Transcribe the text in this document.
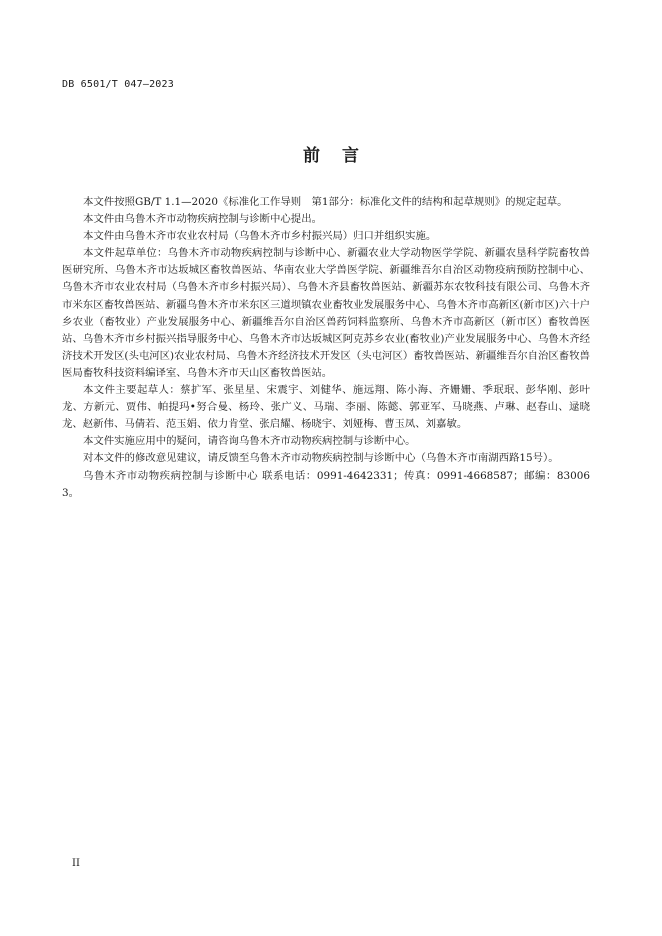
DB 6501/T 047—2023
前言

本文件按照GB/T 1.1—2020《标准化工作导则　第1部分：标准化文件的结构和起草规则》的规定起草。

本文件由乌鲁木齐市动物疾病控制与诊断中心提出。

本文件由乌鲁木齐市农业农村局（乌鲁木齐市乡村振兴局）归口并组织实施。

本文件起草单位：乌鲁木齐市动物疾病控制与诊断中心、新疆农业大学动物医学学院、新疆农垦科学院畜牧兽医研究所、乌鲁木齐市达坂城区畜牧兽医站、华南农业大学兽医学院、新疆维吾尔自治区动物疫病预防控制中心、乌鲁木齐市农业农村局（乌鲁木齐市乡村振兴局）、乌鲁木齐县畜牧兽医站、新疆苏东农牧科技有限公司、乌鲁木齐市米东区畜牧兽医站、新疆乌鲁木齐市米东区三道坝镇农业畜牧业发展服务中心、乌鲁木齐市高新区(新市区)六十户乡农业（畜牧业）产业发展服务中心、新疆维吾尔自治区兽药饲料监察所、乌鲁木齐市高新区（新市区）畜牧兽医站、乌鲁木齐市乡村振兴指导服务中心、乌鲁木齐市达坂城区阿克苏乡农业(畜牧业)产业发展服务中心、乌鲁木齐经济技术开发区(头屯河区)农业农村局、乌鲁木齐经济技术开发区（头屯河区）畜牧兽医站、新疆维吾尔自治区畜牧兽医局畜牧科技资料编译室、乌鲁木齐市天山区畜牧兽医站。

本文件主要起草人：蔡扩军、张星星、宋震宇、刘健华、施远翔、陈小海、齐姗姗、季珉珉、彭华刚、彭叶龙、方新元、贾伟、帕提玛•努合曼、杨玲、张广义、马瑞、李丽、陈懿、郭亚军、马晓燕、卢琳、赵春山、逯晓龙、赵新伟、马倩若、范玉娟、依力肯堂、张启耀、杨晓宇、刘娅梅、曹玉凤、刘嘉敏。

本文件实施应用中的疑问，请咨询乌鲁木齐市动物疾病控制与诊断中心。

对本文件的修改意见建议，请反馈至乌鲁木齐市动物疾病控制与诊断中心（乌鲁木齐市南湖西路15号）。

乌鲁木齐市动物疾病控制与诊断中心 联系电话：0991-4642331；传真：0991-4668587；邮编：830063。

II
